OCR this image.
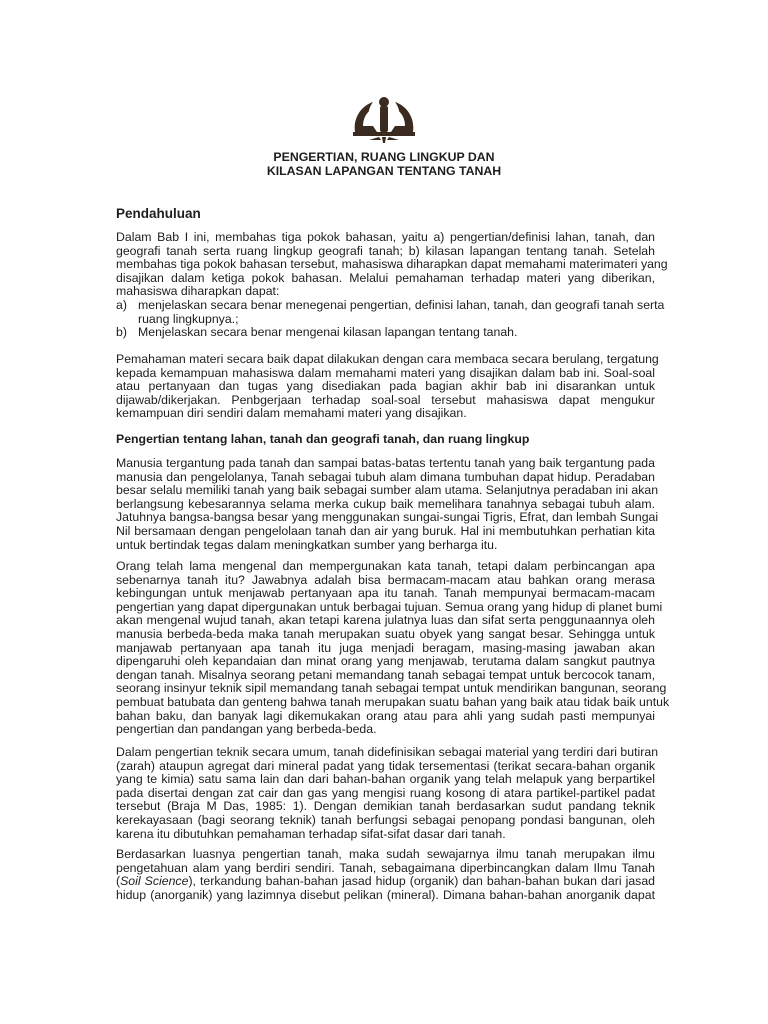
PENGERTIAN, RUANG LINGKUP DAN
KILASAN LAPANGAN TENTANG TANAH
Pendahuluan
Dalam Bab I ini, membahas tiga pokok bahasan, yaitu a) pengertian/definisi lahan, tanah, dan
geografi tanah serta ruang lingkup geografi tanah; b) kilasan lapangan tentang tanah. Setelah
membahas tiga pokok bahasan tersebut, mahasiswa diharapkan dapat memahami materimateri yang
disajikan dalam ketiga pokok bahasan. Melalui pemahaman terhadap materi yang diberikan,
mahasiswa diharapkan dapat:
a) menjelaskan secara benar menegenai pengertian, definisi lahan, tanah, dan geografi tanah serta
ruang lingkupnya.;
b) Menjelaskan secara benar mengenai kilasan lapangan tentang tanah.
Pemahaman materi secara baik dapat dilakukan dengan cara membaca secara berulang, tergatung
kepada kemampuan mahasiswa dalam memahami materi yang disajikan dalam bab ini. Soal-soal
atau pertanyaan dan tugas yang disediakan pada bagian akhir bab ini disarankan untuk
dijawab/dikerjakan. Penbgerjaan terhadap soal-soal tersebut mahasiswa dapat mengukur
kemampuan diri sendiri dalam memahami materi yang disajikan.
Pengertian tentang lahan, tanah dan geografi tanah, dan ruang lingkup
Manusia tergantung pada tanah dan sampai batas-batas tertentu tanah yang baik tergantung pada
manusia dan pengelolanya, Tanah sebagai tubuh alam dimana tumbuhan dapat hidup. Peradaban
besar selalu memiliki tanah yang baik sebagai sumber alam utama. Selanjutnya peradaban ini akan
berlangsung kebesarannya selama merka cukup baik memelihara tanahnya sebagai tubuh alam.
Jatuhnya bangsa-bangsa besar yang menggunakan sungai-sungai Tigris, Efrat, dan lembah Sungai
Nil bersamaan dengan pengelolaan tanah dan air yang buruk. Hal ini membutuhkan perhatian kita
untuk bertindak tegas dalam meningkatkan sumber yang berharga itu.
Orang telah lama mengenal dan mempergunakan kata tanah, tetapi dalam perbincangan apa
sebenarnya tanah itu? Jawabnya adalah bisa bermacam-macam atau bahkan orang merasa
kebingungan untuk menjawab pertanyaan apa itu tanah. Tanah mempunyai bermacam-macam
pengertian yang dapat dipergunakan untuk berbagai tujuan. Semua orang yang hidup di planet bumi
akan mengenal wujud tanah, akan tetapi karena julatnya luas dan sifat serta penggunaannya oleh
manusia berbeda-beda maka tanah merupakan suatu obyek yang sangat besar. Sehingga untuk
manjawab pertanyaan apa tanah itu juga menjadi beragam, masing-masing jawaban akan
dipengaruhi oleh kepandaian dan minat orang yang menjawab, terutama dalam sangkut pautnya
dengan tanah. Misalnya seorang petani memandang tanah sebagai tempat untuk bercocok tanam,
seorang insinyur teknik sipil memandang tanah sebagai tempat untuk mendirikan bangunan, seorang
pembuat batubata dan genteng bahwa tanah merupakan suatu bahan yang baik atau tidak baik untuk
bahan baku, dan banyak lagi dikemukakan orang atau para ahli yang sudah pasti mempunyai
pengertian dan pandangan yang berbeda-beda.
Dalam pengertian teknik secara umum, tanah didefinisikan sebagai material yang terdiri dari butiran
(zarah) ataupun agregat dari mineral padat yang tidak tersementasi (terikat secara-bahan organik
yang te kimia) satu sama lain dan dari bahan-bahan organik yang telah melapuk yang berpartikel
pada disertai dengan zat cair dan gas yang mengisi ruang kosong di atara partikel-partikel padat
tersebut (Braja M Das, 1985: 1). Dengan demikian tanah berdasarkan sudut pandang teknik
kerekayasaan (bagi seorang teknik) tanah berfungsi sebagai penopang pondasi bangunan, oleh
karena itu dibutuhkan pemahaman terhadap sifat-sifat dasar dari tanah.
Berdasarkan luasnya pengertian tanah, maka sudah sewajarnya ilmu tanah merupakan ilmu
pengetahuan alam yang berdiri sendiri. Tanah, sebagaimana diperbincangkan dalam Ilmu Tanah
(Soil Science), terkandung bahan-bahan jasad hidup (organik) dan bahan-bahan bukan dari jasad
hidup (anorganik) yang lazimnya disebut pelikan (mineral). Dimana bahan-bahan anorganik dapat
